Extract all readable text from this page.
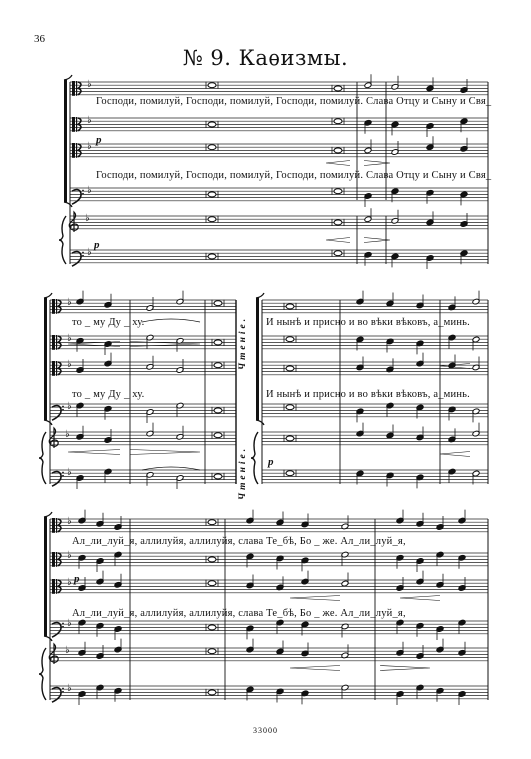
36
№ 9. Каѳизмы.
♭
♭
♭
♭
♭
♭
♭
♭
♭
♭
♭
♭
♭
♭
♭
♭
♭
♭
Господи, помилуй, Господи, помилуй, Господи, помилуй. Слава Отцу и Сыну и Свя_
Господи, помилуй, Господи, помилуй, Господи, помилуй. Слава Отцу и Сыну и Свя_
p
p
то _ му Ду _ ху.	И нынѣ и присно и во вѣки вѣковъ, а_минь.
то _ му Ду _ ху.	И нынѣ и присно и во вѣки вѣковъ, а_минь.
Чтеніе.
Чтеніе. p
Ал_ли_луй_я, аллилуйя, аллилуйя, слава Те_бѣ, Бо _ же. Ал_ли_луй_я,
Ал_ли_луй_я, аллилуйя, аллилуйя, слава Те_бѣ, Бо _ же. Ал_ли_луй_я,
p
33000
